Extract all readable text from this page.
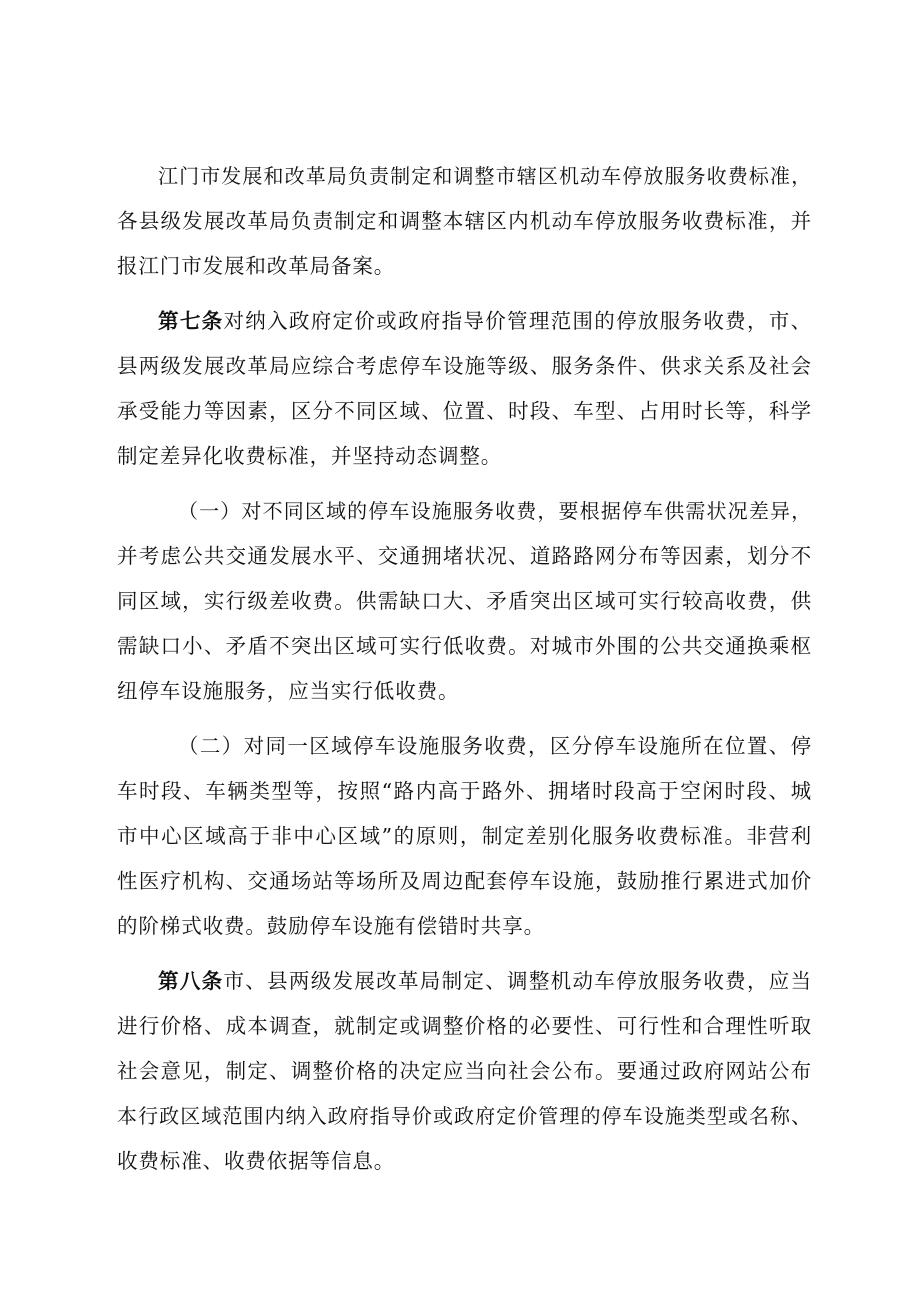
江门市发展和改革局负责制定和调整市辖区机动车停放服务收费标准，
各县级发展改革局负责制定和调整本辖区内机动车停放服务收费标准，并
报江门市发展和改革局备案。
第七条对纳入政府定价或政府指导价管理范围的停放服务收费，市、
县两级发展改革局应综合考虑停车设施等级、服务条件、供求关系及社会
承受能力等因素，区分不同区域、位置、时段、车型、占用时长等，科学
制定差异化收费标准，并坚持动态调整。
（一）对不同区域的停车设施服务收费，要根据停车供需状况差异，
并考虑公共交通发展水平、交通拥堵状况、道路路网分布等因素，划分不
同区域，实行级差收费。供需缺口大、矛盾突出区域可实行较高收费，供
需缺口小、矛盾不突出区域可实行低收费。对城市外围的公共交通换乘枢
纽停车设施服务，应当实行低收费。
（二）对同一区域停车设施服务收费，区分停车设施所在位置、停
车时段、车辆类型等，按照“路内高于路外、拥堵时段高于空闲时段、城
市中心区域高于非中心区域”的原则，制定差别化服务收费标准。非营利
性医疗机构、交通场站等场所及周边配套停车设施，鼓励推行累进式加价
的阶梯式收费。鼓励停车设施有偿错时共享。
第八条市、县两级发展改革局制定、调整机动车停放服务收费，应当
进行价格、成本调查，就制定或调整价格的必要性、可行性和合理性听取
社会意见，制定、调整价格的决定应当向社会公布。要通过政府网站公布
本行政区域范围内纳入政府指导价或政府定价管理的停车设施类型或名称、
收费标准、收费依据等信息。
